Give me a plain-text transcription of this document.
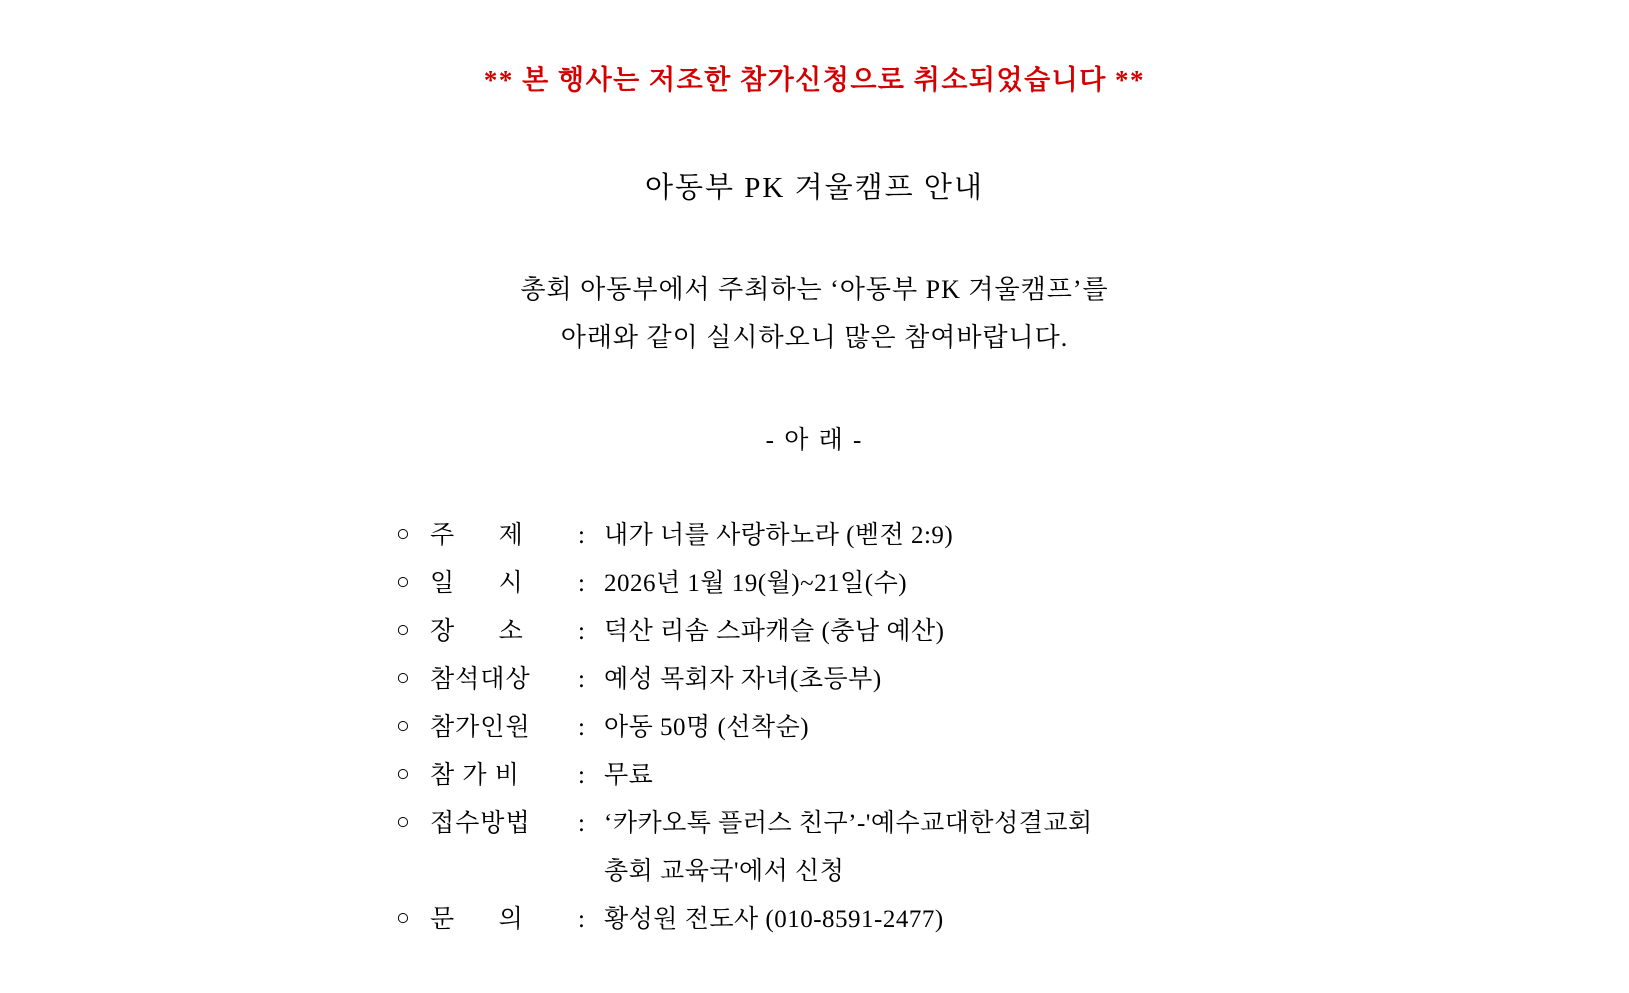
** 본 행사는 저조한 참가신청으로 취소되었습니다 **
아동부 PK 겨울캠프 안내
총회 아동부에서 주최하는 ‘아동부 PK 겨울캠프’를
아래와 같이 실시하오니 많은 참여바랍니다.
- 아 래 -
○ 주      제	: 내가 너를 사랑하노라 (벧전 2:9)
○ 일      시	: 2026년 1월 19(월)~21일(수)
○ 장      소	: 덕산 리솜 스파캐슬 (충남 예산)
○ 참석대상	: 예성 목회자 자녀(초등부)
○ 참가인원	: 아동 50명 (선착순)
○ 참 가 비	: 무료
○ 접수방법	: ‘카카오톡 플러스 친구’-'예수교대한성결교회

총회 교육국'에서 신청
○ 문      의	: 황성원 전도사 (010-8591-2477)
